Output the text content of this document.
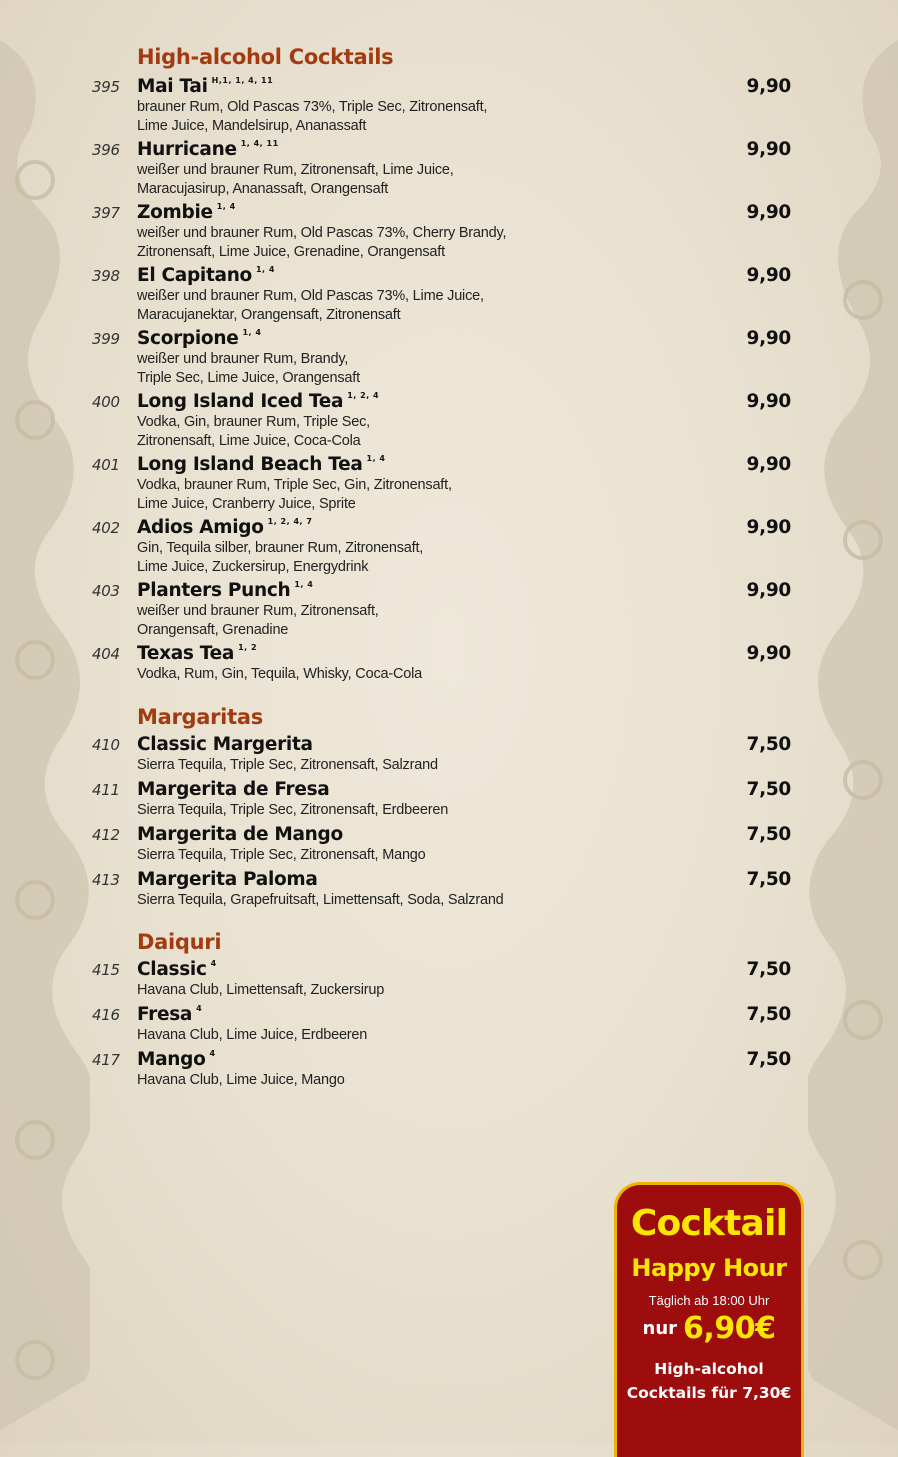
High-alcohol Cocktails
395 Mai Tai $^{H,1, 1, 4, 11}$	9,90
brauner Rum, Old Pascas 73%, Triple Sec, Zitronensaft,
Lime Juice, Mandelsirup, Ananassaft
396 Hurricane $^{1, 4, 11}$	9,90
weißer und brauner Rum, Zitronensaft, Lime Juice,
Maracujasirup, Ananassaft, Orangensaft
397 Zombie $^{1, 4}$	9,90
weißer und brauner Rum, Old Pascas 73%, Cherry Brandy,
Zitronensaft, Lime Juice, Grenadine, Orangensaft
398 El Capitano $^{1, 4}$	9,90
weißer und brauner Rum, Old Pascas 73%, Lime Juice,
Maracujanektar, Orangensaft, Zitronensaft
399 Scorpione $^{1, 4}$	9,90
weißer und brauner Rum, Brandy,
Triple Sec, Lime Juice, Orangensaft
400 Long Island Iced Tea $^{1, 2, 4}$	9,90
Vodka, Gin, brauner Rum, Triple Sec,
Zitronensaft, Lime Juice, Coca-Cola
401 Long Island Beach Tea $^{1, 4}$	9,90
Vodka, brauner Rum, Triple Sec, Gin, Zitronensaft,
Lime Juice, Cranberry Juice, Sprite
402 Adios Amigo $^{1, 2, 4, 7}$	9,90
Gin, Tequila silber, brauner Rum, Zitronensaft,
Lime Juice, Zuckersirup, Energydrink
403 Planters Punch $^{1, 4}$	9,90
weißer und brauner Rum, Zitronensaft,
Orangensaft, Grenadine
404 Texas Tea $^{1, 2}$	9,90
Vodka, Rum, Gin, Tequila, Whisky, Coca-Cola
Margaritas
410 Classic Margerita	7,50
Sierra Tequila, Triple Sec, Zitronensaft, Salzrand
411 Margerita de Fresa	7,50
Sierra Tequila, Triple Sec, Zitronensaft, Erdbeeren
412 Margerita de Mango	7,50
Sierra Tequila, Triple Sec, Zitronensaft, Mango
413 Margerita Paloma	7,50
Sierra Tequila, Grapefruitsaft, Limettensaft, Soda, Salzrand
Daiquri
415 Classic $^4$	7,50
Havana Club, Limettensaft, Zuckersirup
416 Fresa $^4$	7,50
Havana Club, Lime Juice, Erdbeeren
417 Mango $^4$	7,50
Havana Club, Lime Juice, Mango
Cocktail
Happy Hour
Täglich ab 18:00 Uhr
nur 6,90€
High-alcohol
Cocktails für 7,30€
